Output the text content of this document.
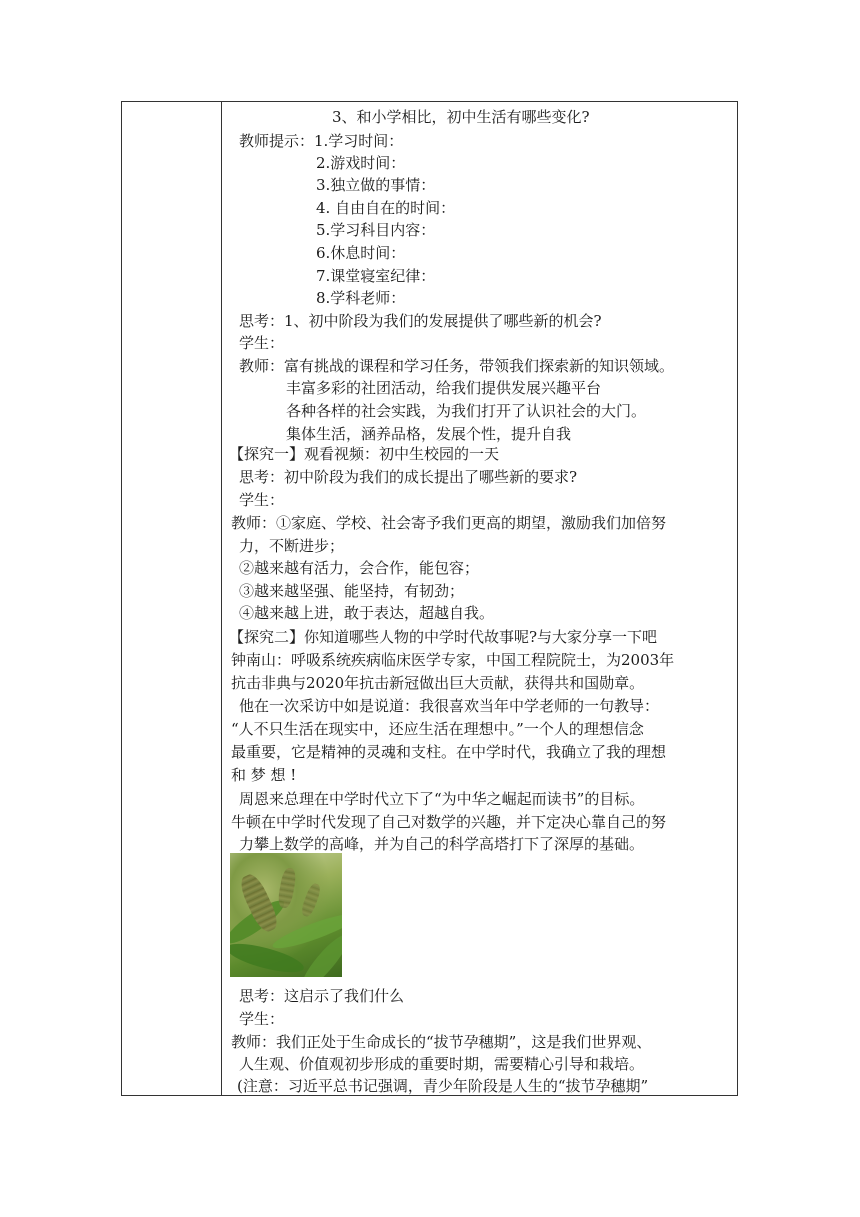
3、和小学相比，初中生活有哪些变化?
教师提示：1.学习时间：
2.游戏时间：
3.独立做的事情：
4. 自由自在的时间：
5.学习科目内容：
6.休息时间：
7.课堂寝室纪律：
8.学科老师：
思考：1、初中阶段为我们的发展提供了哪些新的机会?
学生：
教师：富有挑战的课程和学习任务，带领我们探索新的知识领域。
丰富多彩的社团活动，给我们提供发展兴趣平台
各种各样的社会实践，为我们打开了认识社会的大门。
集体生活，涵养品格，发展个性，提升自我
【探究一】观看视频：初中生校园的一天
思考：初中阶段为我们的成长提出了哪些新的要求?
学生：
教师：①家庭、学校、社会寄予我们更高的期望，激励我们加倍努
力，不断进步；
②越来越有活力，会合作，能包容；
③越来越坚强、能坚持，有韧劲；
④越来越上进，敢于表达，超越自我。
【探究二】你知道哪些人物的中学时代故事呢?与大家分享一下吧
钟南山：呼吸系统疾病临床医学专家，中国工程院院士，为2003年
抗击非典与2020年抗击新冠做出巨大贡献，获得共和国勋章。
他在一次采访中如是说道：我很喜欢当年中学老师的一句教导：
“人不只生活在现实中，还应生活在理想中。”一个人的理想信念
最重要，它是精神的灵魂和支柱。在中学时代，我确立了我的理想
和 梦 想 !
周恩来总理在中学时代立下了“为中华之崛起而读书”的目标。
牛顿在中学时代发现了自己对数学的兴趣，并下定决心靠自己的努
力攀上数学的高峰，并为自己的科学高塔打下了深厚的基础。
思考：这启示了我们什么
学生：
教师：我们正处于生命成长的“拔节孕穗期”，这是我们世界观、
人生观、价值观初步形成的重要时期，需要精心引导和栽培。
(注意：习近平总书记强调，青少年阶段是人生的“拔节孕穗期”
